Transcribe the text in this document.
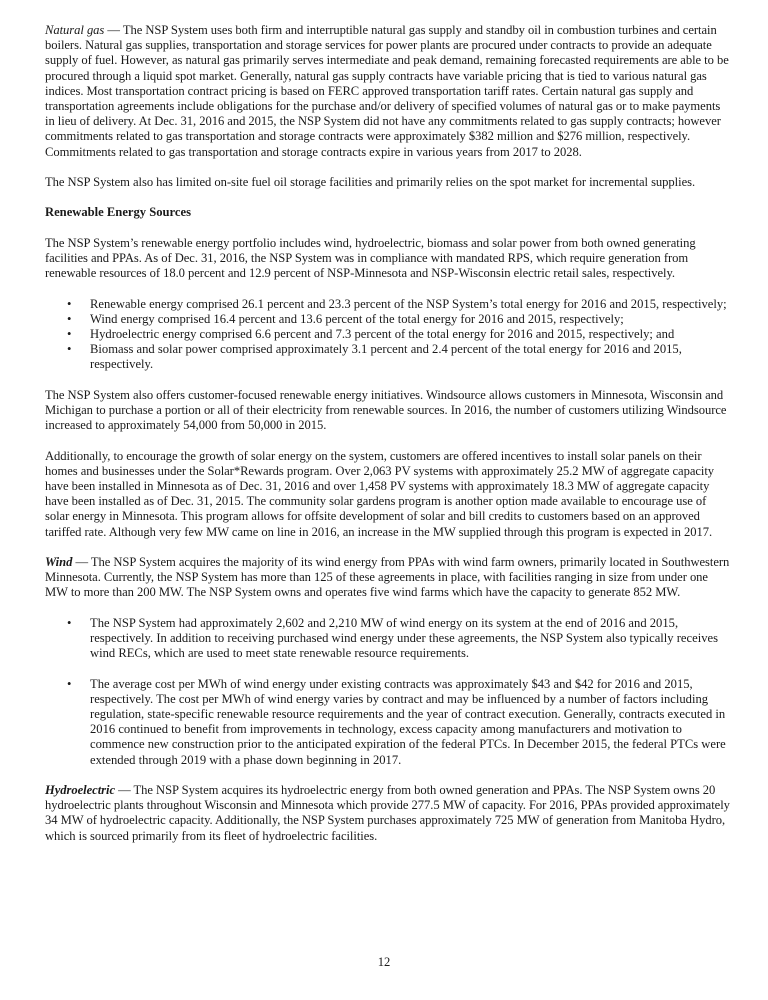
Natural gas — The NSP System uses both firm and interruptible natural gas supply and standby oil in combustion turbines and certain boilers. Natural gas supplies, transportation and storage services for power plants are procured under contracts to provide an adequate supply of fuel. However, as natural gas primarily serves intermediate and peak demand, remaining forecasted requirements are able to be procured through a liquid spot market. Generally, natural gas supply contracts have variable pricing that is tied to various natural gas indices. Most transportation contract pricing is based on FERC approved transportation tariff rates. Certain natural gas supply and transportation agreements include obligations for the purchase and/or delivery of specified volumes of natural gas or to make payments in lieu of delivery. At Dec. 31, 2016 and 2015, the NSP System did not have any commitments related to gas supply contracts; however commitments related to gas transportation and storage contracts were approximately $382 million and $276 million, respectively. Commitments related to gas transportation and storage contracts expire in various years from 2017 to 2028.

The NSP System also has limited on-site fuel oil storage facilities and primarily relies on the spot market for incremental supplies.

Renewable Energy Sources

The NSP System’s renewable energy portfolio includes wind, hydroelectric, biomass and solar power from both owned generating facilities and PPAs. As of Dec. 31, 2016, the NSP System was in compliance with mandated RPS, which require generation from renewable resources of 18.0 percent and 12.9 percent of NSP-Minnesota and NSP-Wisconsin electric retail sales, respectively.

• Renewable energy comprised 26.1 percent and 23.3 percent of the NSP System’s total energy for 2016 and 2015, respectively;
• Wind energy comprised 16.4 percent and 13.6 percent of the total energy for 2016 and 2015, respectively;
• Hydroelectric energy comprised 6.6 percent and 7.3 percent of the total energy for 2016 and 2015, respectively; and
• Biomass and solar power comprised approximately 3.1 percent and 2.4 percent of the total energy for 2016 and 2015, respectively.

The NSP System also offers customer-focused renewable energy initiatives. Windsource allows customers in Minnesota, Wisconsin and Michigan to purchase a portion or all of their electricity from renewable sources. In 2016, the number of customers utilizing Windsource increased to approximately 54,000 from 50,000 in 2015.

Additionally, to encourage the growth of solar energy on the system, customers are offered incentives to install solar panels on their homes and businesses under the Solar*Rewards program. Over 2,063 PV systems with approximately 25.2 MW of aggregate capacity have been installed in Minnesota as of Dec. 31, 2016 and over 1,458 PV systems with approximately 18.3 MW of aggregate capacity have been installed as of Dec. 31, 2015. The community solar gardens program is another option made available to encourage use of solar energy in Minnesota. This program allows for offsite development of solar and bill credits to customers based on an approved tariffed rate. Although very few MW came on line in 2016, an increase in the MW supplied through this program is expected in 2017.

Wind — The NSP System acquires the majority of its wind energy from PPAs with wind farm owners, primarily located in Southwestern Minnesota. Currently, the NSP System has more than 125 of these agreements in place, with facilities ranging in size from under one MW to more than 200 MW. The NSP System owns and operates five wind farms which have the capacity to generate 852 MW.

• The NSP System had approximately 2,602 and 2,210 MW of wind energy on its system at the end of 2016 and 2015, respectively. In addition to receiving purchased wind energy under these agreements, the NSP System also typically receives wind RECs, which are used to meet state renewable resource requirements.
• The average cost per MWh of wind energy under existing contracts was approximately $43 and $42 for 2016 and 2015, respectively. The cost per MWh of wind energy varies by contract and may be influenced by a number of factors including regulation, state-specific renewable resource requirements and the year of contract execution. Generally, contracts executed in 2016 continued to benefit from improvements in technology, excess capacity among manufacturers and motivation to commence new construction prior to the anticipated expiration of the federal PTCs. In December 2015, the federal PTCs were extended through 2019 with a phase down beginning in 2017.

Hydroelectric — The NSP System acquires its hydroelectric energy from both owned generation and PPAs. The NSP System owns 20 hydroelectric plants throughout Wisconsin and Minnesota which provide 277.5 MW of capacity. For 2016, PPAs provided approximately 34 MW of hydroelectric capacity. Additionally, the NSP System purchases approximately 725 MW of generation from Manitoba Hydro, which is sourced primarily from its fleet of hydroelectric facilities.

12
